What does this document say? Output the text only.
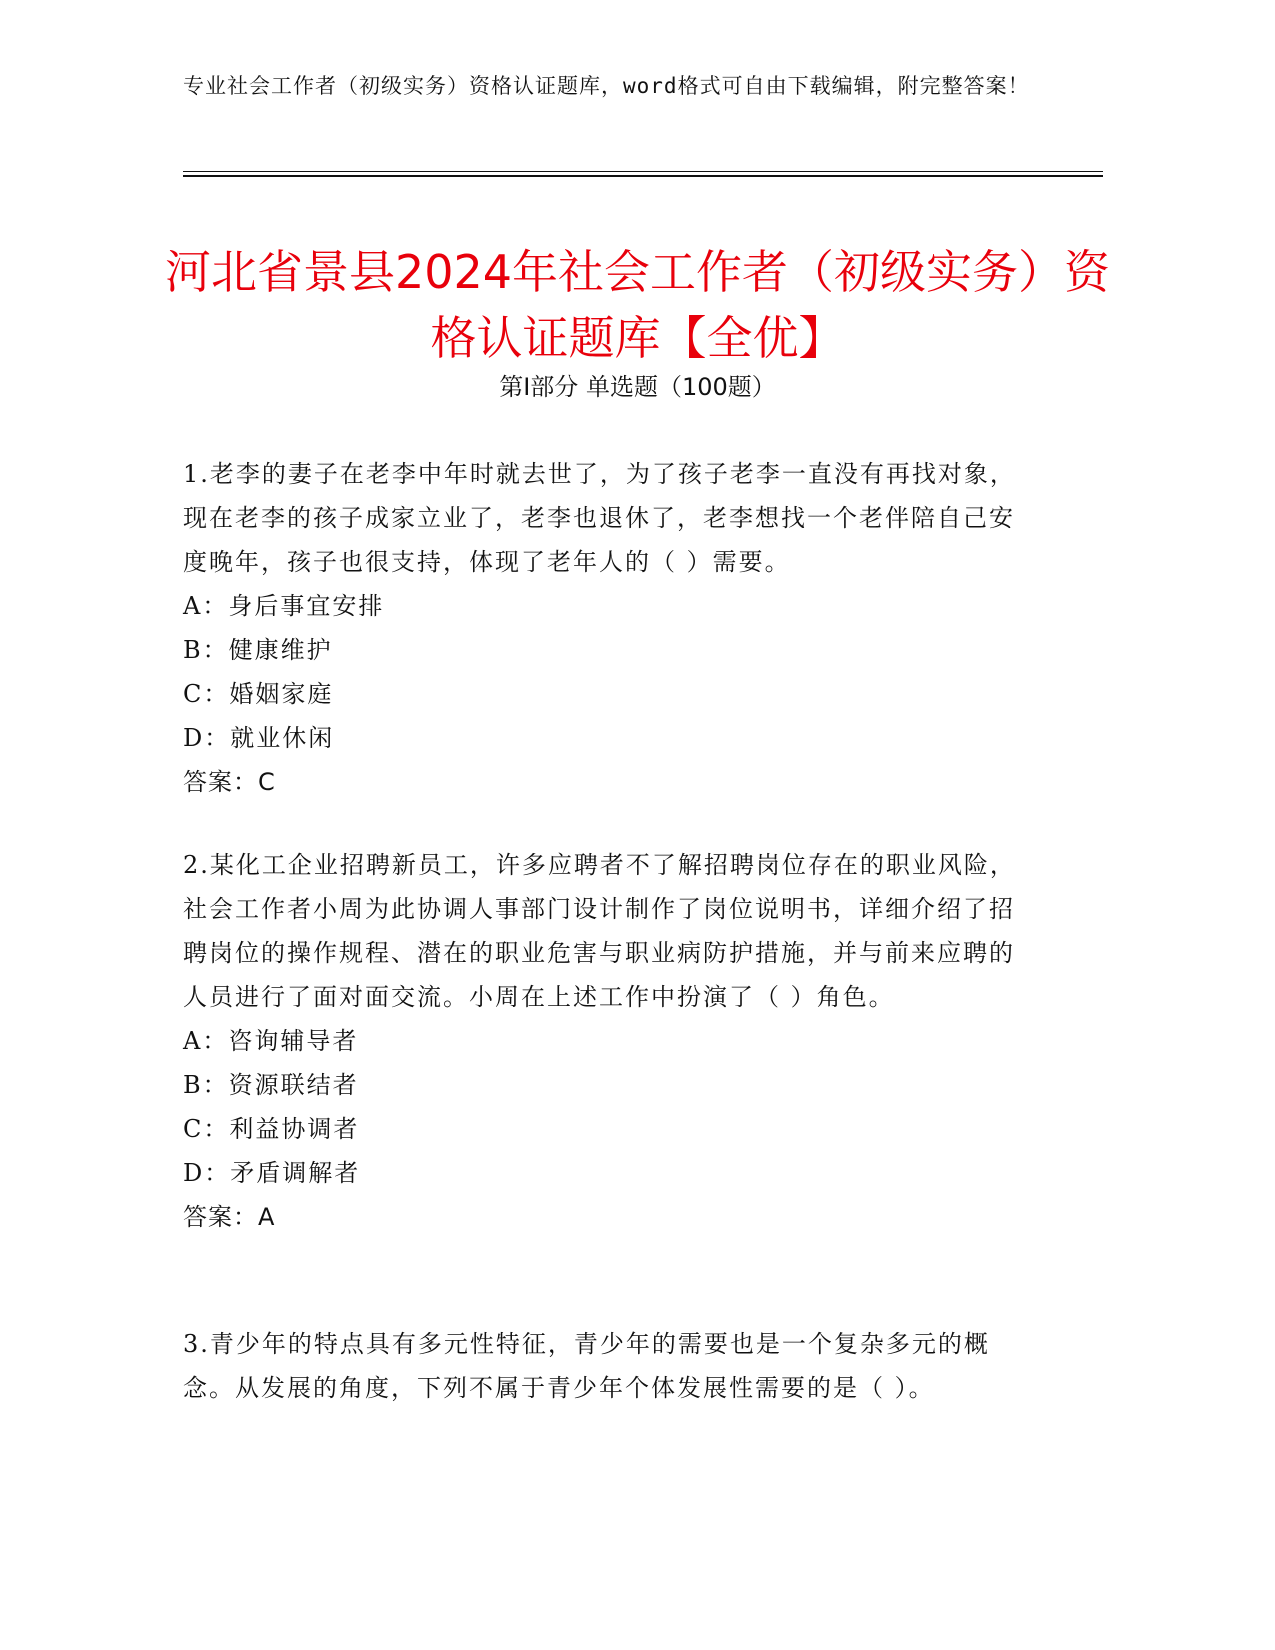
专业社会工作者（初级实务）资格认证题库，word格式可自由下载编辑，附完整答案！
河北省景县2024年社会工作者（初级实务）资格认证题库【全优】
第Ⅰ部分 单选题（100题）

1.老李的妻子在老李中年时就去世了，为了孩子老李一直没有再找对象，现在老李的孩子成家立业了，老李也退休了，老李想找一个老伴陪自己安度晚年，孩子也很支持，体现了老年人的（ ）需要。

A：身后事宜安排

B：健康维护

C：婚姻家庭

D：就业休闲

答案：C

2.某化工企业招聘新员工，许多应聘者不了解招聘岗位存在的职业风险，社会工作者小周为此协调人事部门设计制作了岗位说明书，详细介绍了招聘岗位的操作规程、潜在的职业危害与职业病防护措施，并与前来应聘的人员进行了面对面交流。小周在上述工作中扮演了（ ）角色。

A：咨询辅导者

B：资源联结者

C：利益协调者

D：矛盾调解者

答案：A

3.青少年的特点具有多元性特征，青少年的需要也是一个复杂多元的概念。从发展的角度，下列不属于青少年个体发展性需要的是（ ）。
